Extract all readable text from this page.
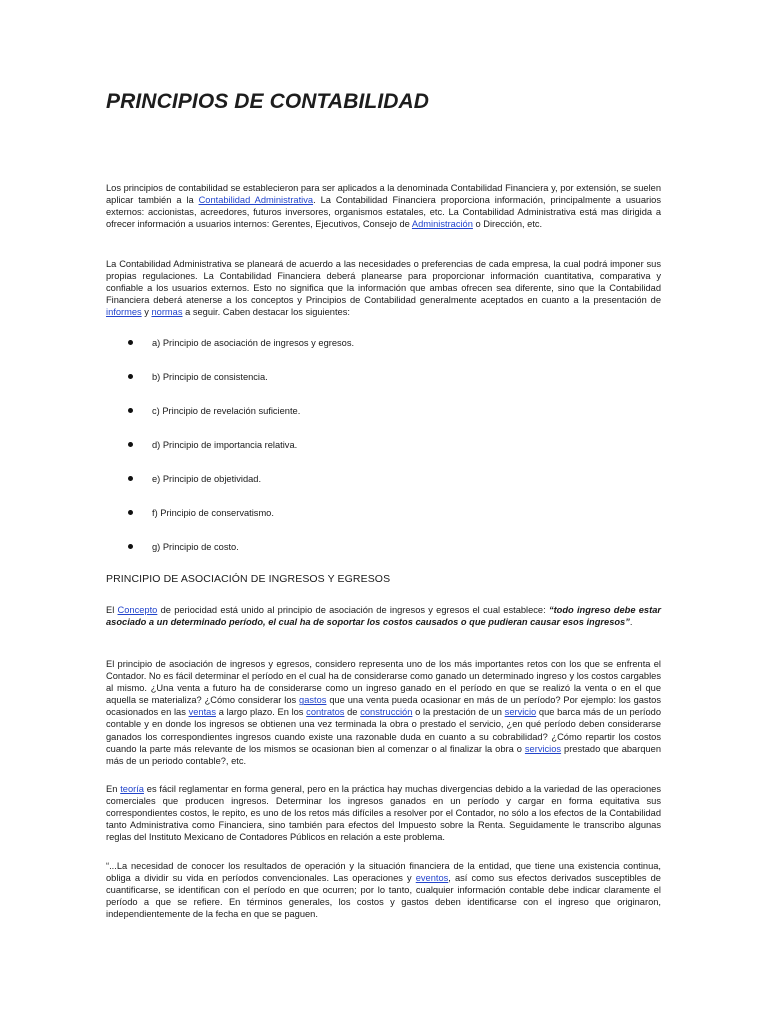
PRINCIPIOS DE CONTABILIDAD

Los principios de contabilidad se establecieron para ser aplicados a la denominada Contabilidad Financiera y, por extensión, se suelen aplicar también a la Contabilidad Administrativa. La Contabilidad Financiera proporciona información, principalmente a usuarios externos: accionistas, acreedores, futuros inversores, organismos estatales, etc. La Contabilidad Administrativa está mas dirigida a ofrecer información a usuarios internos: Gerentes, Ejecutivos, Consejo de Administración o Dirección, etc.

La Contabilidad Administrativa se planeará de acuerdo a las necesidades o preferencias de cada empresa, la cual podrá imponer sus propias regulaciones. La Contabilidad Financiera deberá planearse para proporcionar información cuantitativa, comparativa y confiable a los usuarios externos. Esto no significa que la información que ambas ofrecen sea diferente, sino que la Contabilidad Financiera deberá atenerse a los conceptos y Principios de Contabilidad generalmente aceptados en cuanto a la presentación de informes y normas a seguir. Caben destacar los siguientes:

a) Principio de asociación de ingresos y egresos.
b) Principio de consistencia.
c) Principio de revelación suficiente.
d) Principio de importancia relativa.
e) Principio de objetividad.
f) Principio de conservatismo.
g) Principio de costo.
PRINCIPIO DE ASOCIACIÓN DE INGRESOS Y EGRESOS

El Concepto de periocidad está unido al principio de asociación de ingresos y egresos el cual establece: “todo ingreso debe estar asociado a un determinado período, el cual ha de soportar los costos causados o que pudieran causar esos ingresos”.

El principio de asociación de ingresos y egresos, considero representa uno de los más importantes retos con los que se enfrenta el Contador. No es fácil determinar el período en el cual ha de considerarse como ganado un determinado ingreso y los costos cargables al mismo. ¿Una venta a futuro ha de considerarse como un ingreso ganado en el período en que se realizó la venta o en el que aquella se materializa? ¿Cómo considerar los gastos que una venta pueda ocasionar en más de un período? Por ejemplo: los gastos ocasionados en las ventas a largo plazo. En los contratos de construcción o la prestación de un servicio que barca más de un período contable y en donde los ingresos se obtienen una vez terminada la obra o prestado el servicio, ¿en qué período deben considerarse ganados los correspondientes ingresos cuando existe una razonable duda en cuanto a su cobrabilidad? ¿Cómo repartir los costos cuando la parte más relevante de los mismos se ocasionan bien al comenzar o al finalizar la obra o servicios prestado que abarquen más de un periodo contable?, etc.

En teoría es fácil reglamentar en forma general, pero en la práctica hay muchas divergencias debido a la variedad de las operaciones comerciales que producen ingresos. Determinar los ingresos ganados en un período y cargar en forma equitativa sus correspondientes costos, le repito, es uno de los retos más difíciles a resolver por el Contador, no sólo a los efectos de la Contabilidad tanto Administrativa como Financiera, sino también para efectos del Impuesto sobre la Renta. Seguidamente le transcribo algunas reglas del Instituto Mexicano de Contadores Públicos en relación a este problema.

“...La necesidad de conocer los resultados de operación y la situación financiera de la entidad, que tiene una existencia continua, obliga a dividir su vida en períodos convencionales. Las operaciones y eventos, así como sus efectos derivados susceptibles de cuantificarse, se identifican con el período en que ocurren; por lo tanto, cualquier información contable debe indicar claramente el período a que se refiere. En términos generales, los costos y gastos deben identificarse con el ingreso que originaron, independientemente de la fecha en que se paguen.
